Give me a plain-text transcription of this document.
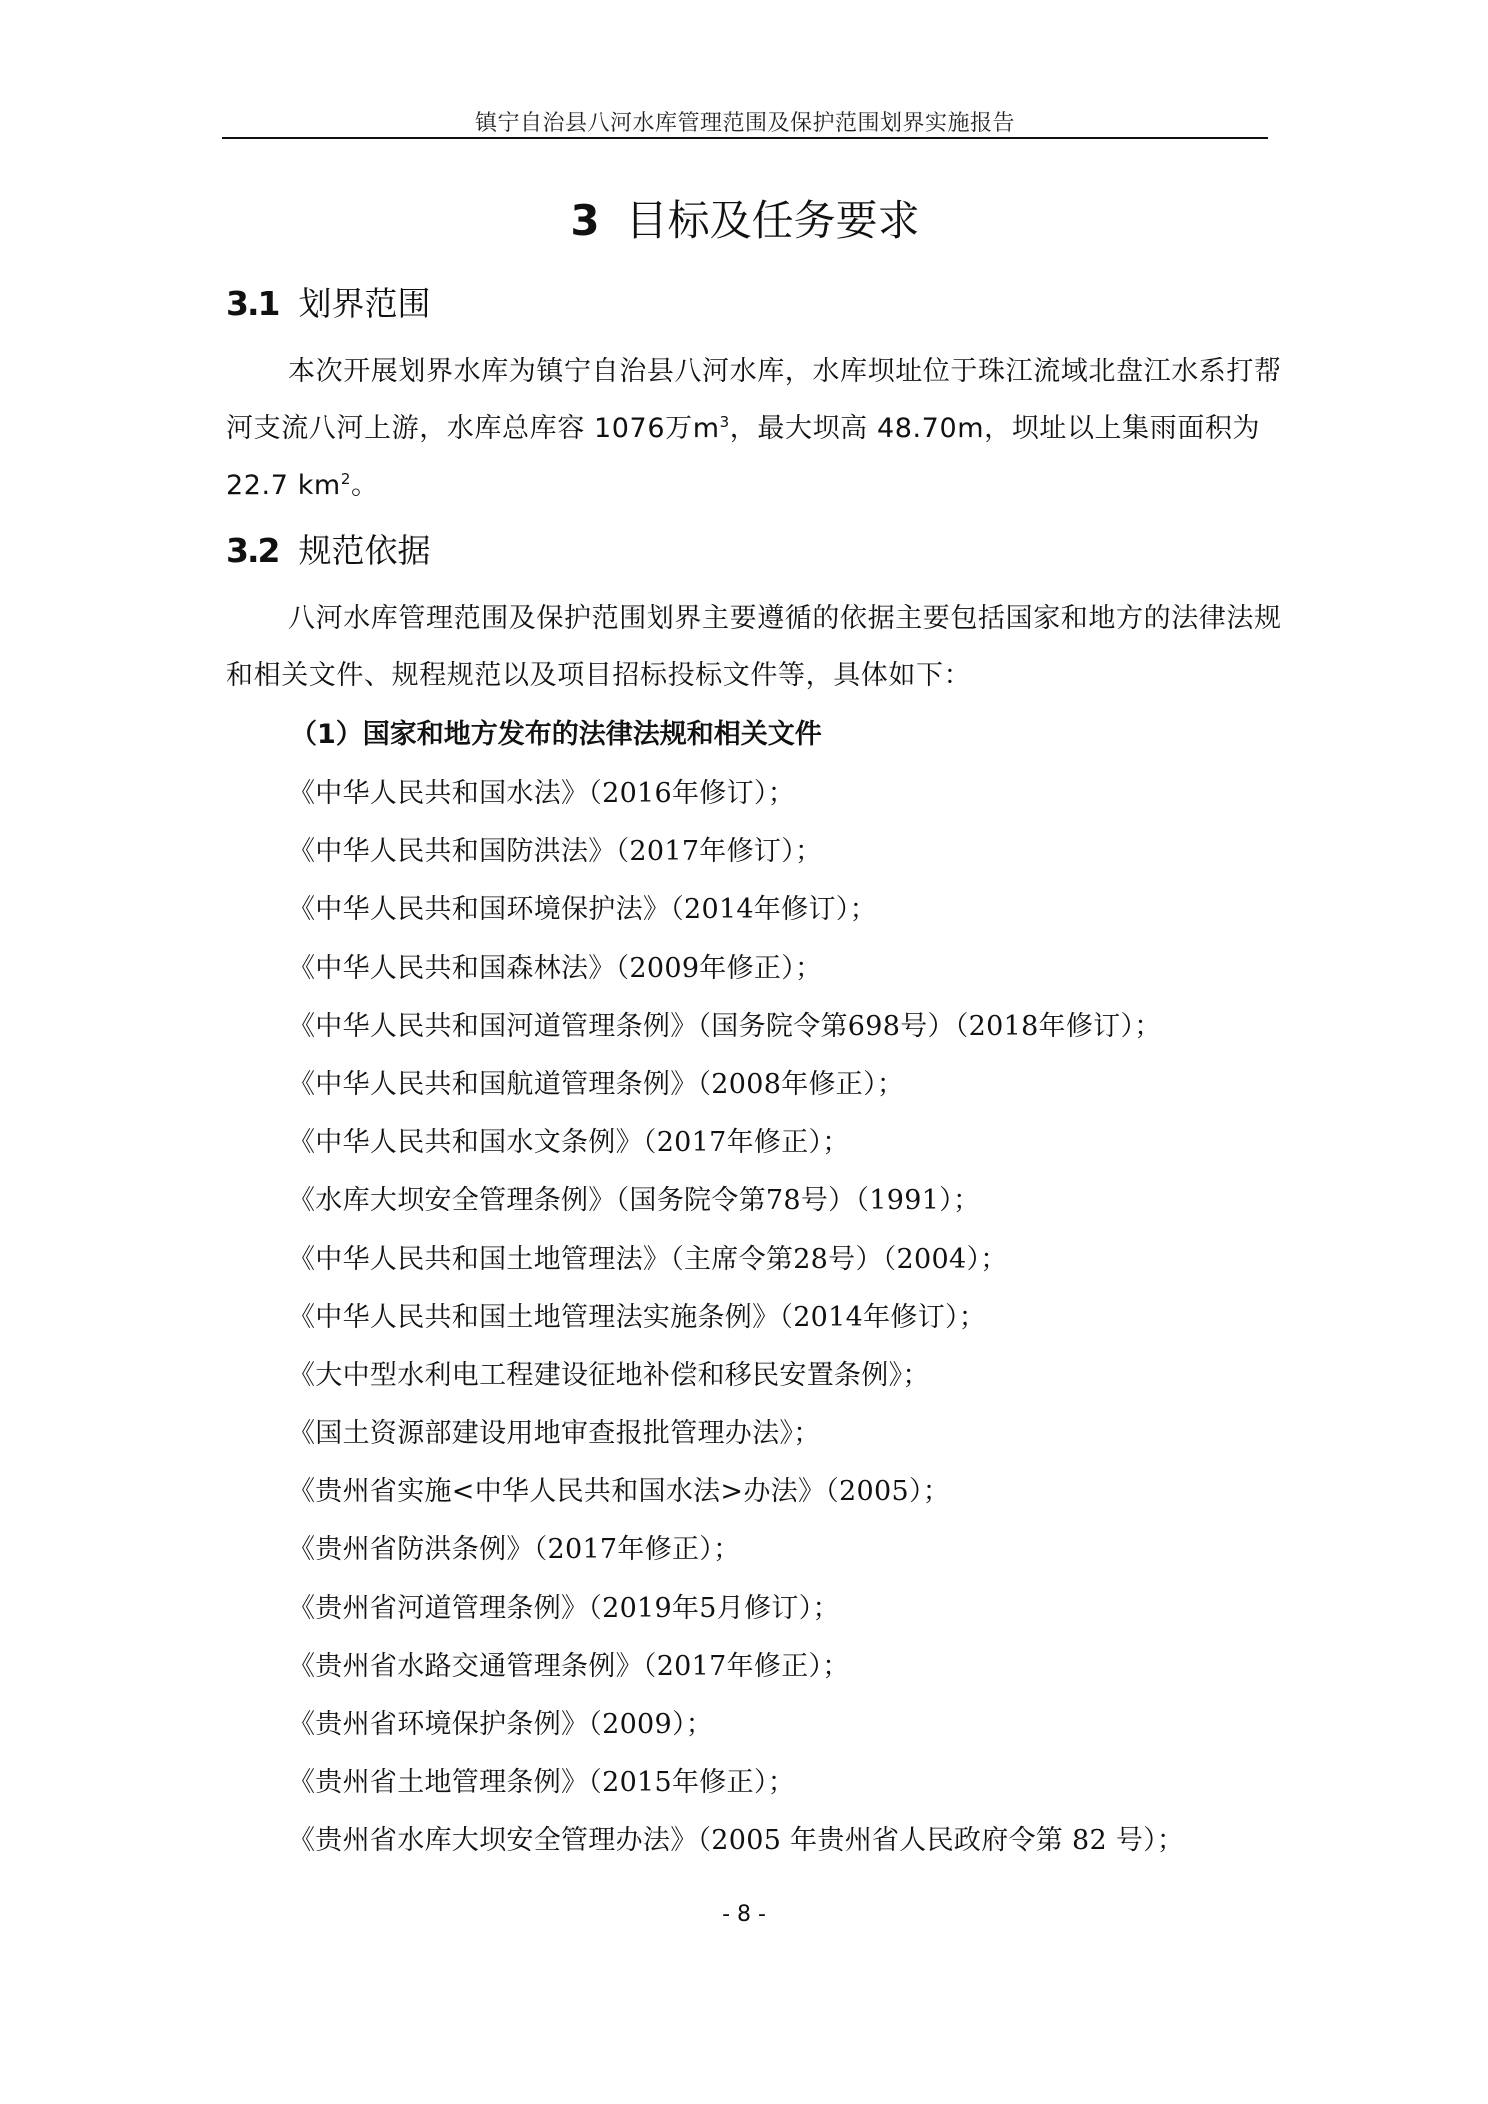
镇宁自治县八河水库管理范围及保护范围划界实施报告
3 目标及任务要求
3.1 划界范围
本次开展划界水库为镇宁自治县八河水库，水库坝址位于珠江流域北盘江水系打帮河支流八河上游，水库总库容 1076万$m^3$，最大坝高 48.70m，坝址以上集雨面积为 22.7 $km^2$。
3.2 规范依据
八河水库管理范围及保护范围划界主要遵循的依据主要包括国家和地方的法律法规和相关文件、规程规范以及项目招标投标文件等，具体如下：
（1）国家和地方发布的法律法规和相关文件
《中华人民共和国水法》（2016年修订）；
《中华人民共和国防洪法》（2017年修订）；
《中华人民共和国环境保护法》（2014年修订）；
《中华人民共和国森林法》（2009年修正）；
《中华人民共和国河道管理条例》（国务院令第698号）（2018年修订）；
《中华人民共和国航道管理条例》（2008年修正）；
《中华人民共和国水文条例》（2017年修正）；
《水库大坝安全管理条例》（国务院令第78号）（1991）；
《中华人民共和国土地管理法》（主席令第28号）（2004）；
《中华人民共和国土地管理法实施条例》（2014年修订）；
《大中型水利电工程建设征地补偿和移民安置条例》；
《国土资源部建设用地审查报批管理办法》；
《贵州省实施<中华人民共和国水法>办法》（2005）；
《贵州省防洪条例》（2017年修正）；
《贵州省河道管理条例》（2019年5月修订）；
《贵州省水路交通管理条例》（2017年修正）；
《贵州省环境保护条例》（2009）；
《贵州省土地管理条例》（2015年修正）；
《贵州省水库大坝安全管理办法》（2005 年贵州省人民政府令第 82 号）；
- 8 -
